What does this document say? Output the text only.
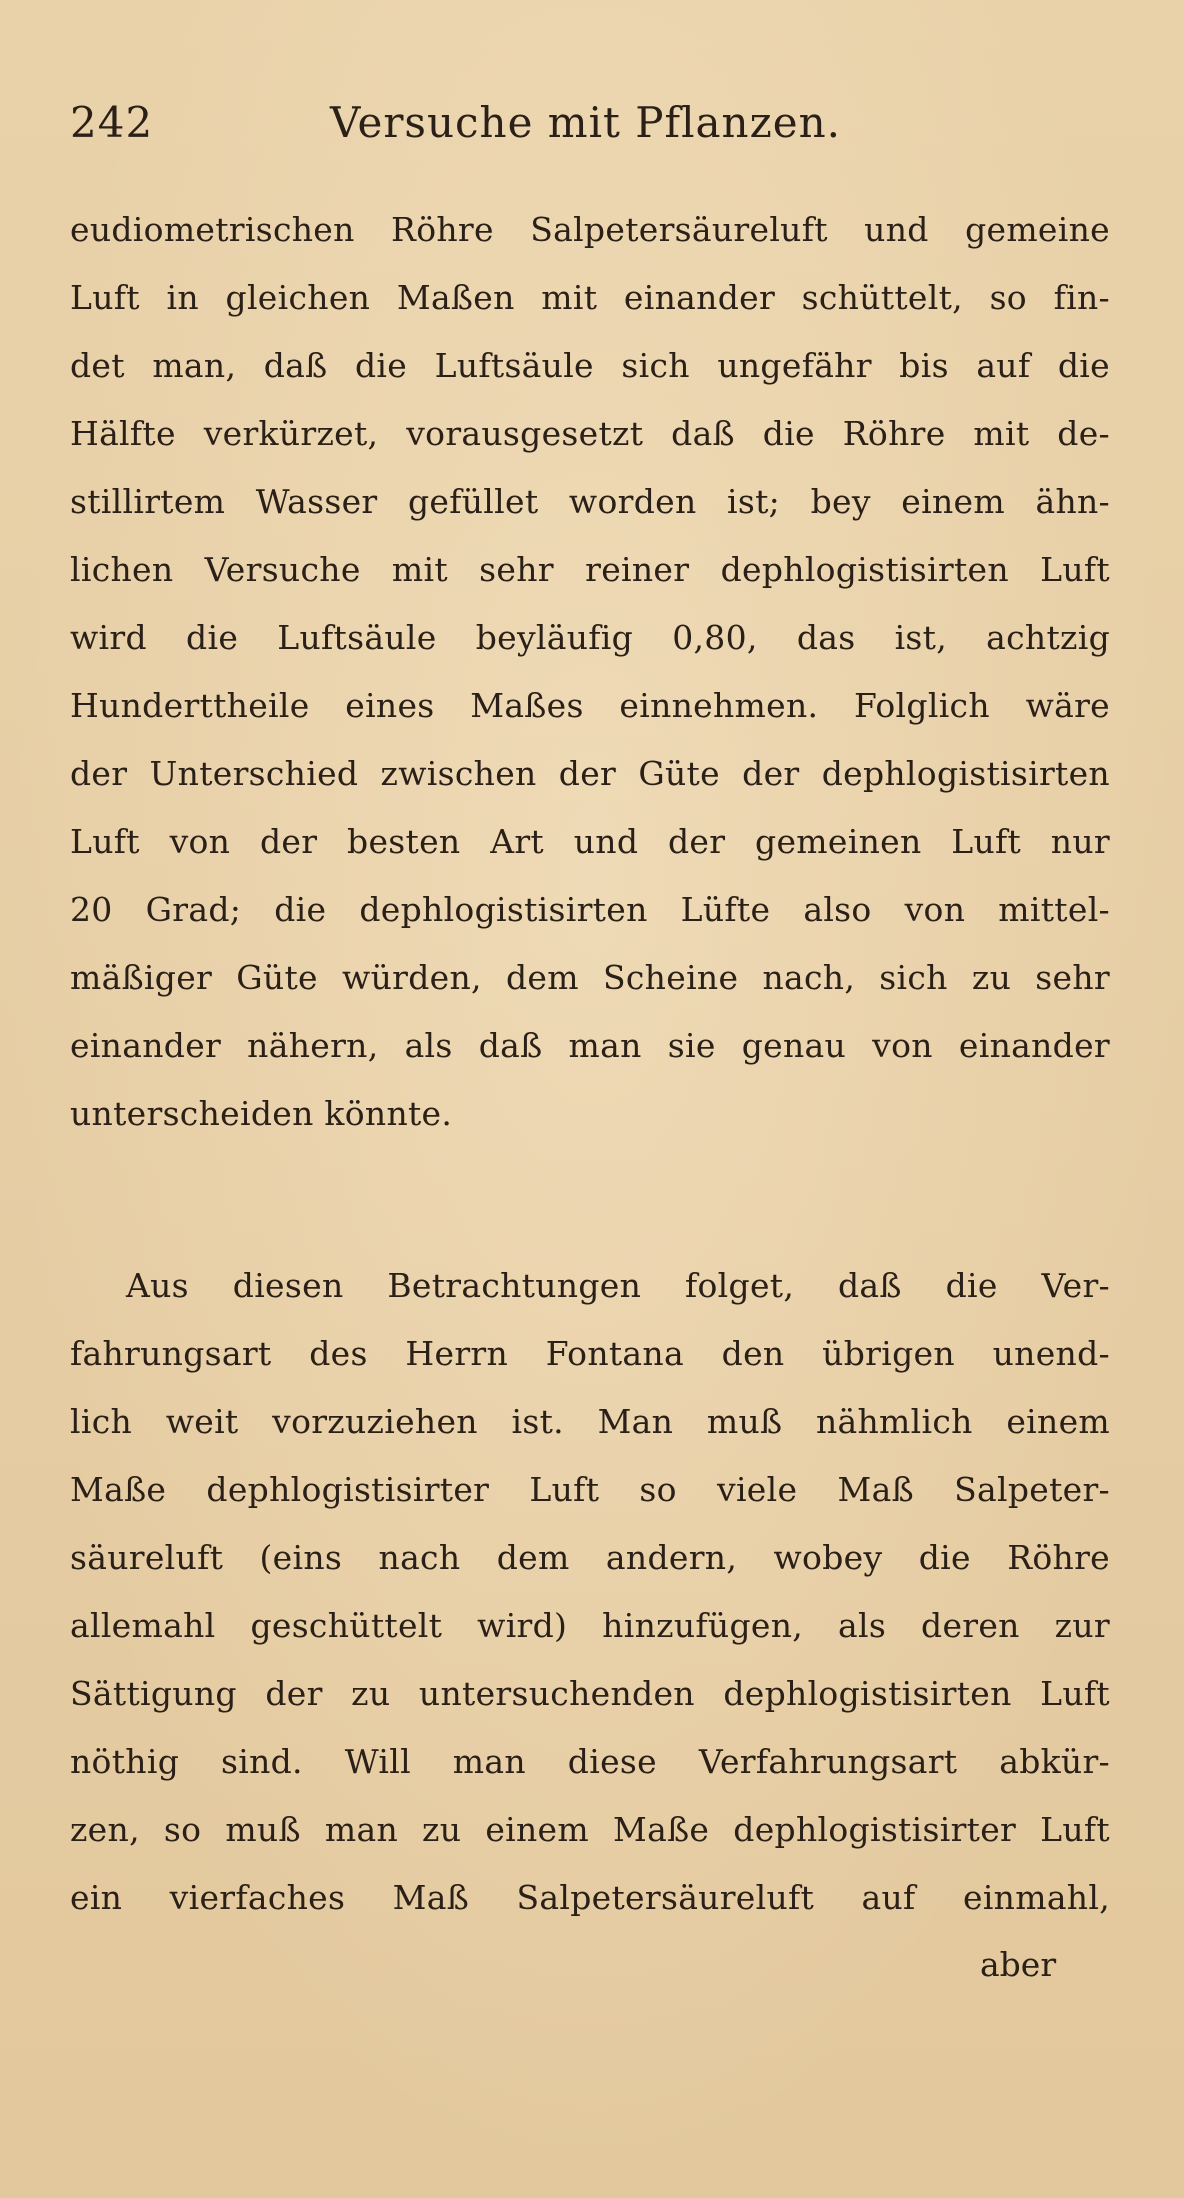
242	Versuche mit Pflanzen.
eudiometrischen Röhre Salpetersäureluft und gemeine
Luft in gleichen Maßen mit einander schüttelt, so fin-
det man, daß die Luftsäule sich ungefähr bis auf die
Hälfte verkürzet, vorausgesetzt daß die Röhre mit de-
stillirtem Wasser gefüllet worden ist; bey einem ähn-
lichen Versuche mit sehr reiner dephlogistisirten Luft
wird die Luftsäule beyläufig 0,80, das ist, achtzig
Hunderttheile eines Maßes einnehmen. Folglich wäre
der Unterschied zwischen der Güte der dephlogistisirten
Luft von der besten Art und der gemeinen Luft nur
20 Grad; die dephlogistisirten Lüfte also von mittel-
mäßiger Güte würden, dem Scheine nach, sich zu sehr
einander nähern, als daß man sie genau von einander
unterscheiden könnte.
Aus diesen Betrachtungen folget, daß die Ver-
fahrungsart des Herrn Fontana den übrigen unend-
lich weit vorzuziehen ist. Man muß nähmlich einem
Maße dephlogistisirter Luft so viele Maß Salpeter-
säureluft (eins nach dem andern, wobey die Röhre
allemahl geschüttelt wird) hinzufügen, als deren zur
Sättigung der zu untersuchenden dephlogistisirten Luft
nöthig sind. Will man diese Verfahrungsart abkür-
zen, so muß man zu einem Maße dephlogistisirter Luft
ein vierfaches Maß Salpetersäureluft auf einmahl,
aber
